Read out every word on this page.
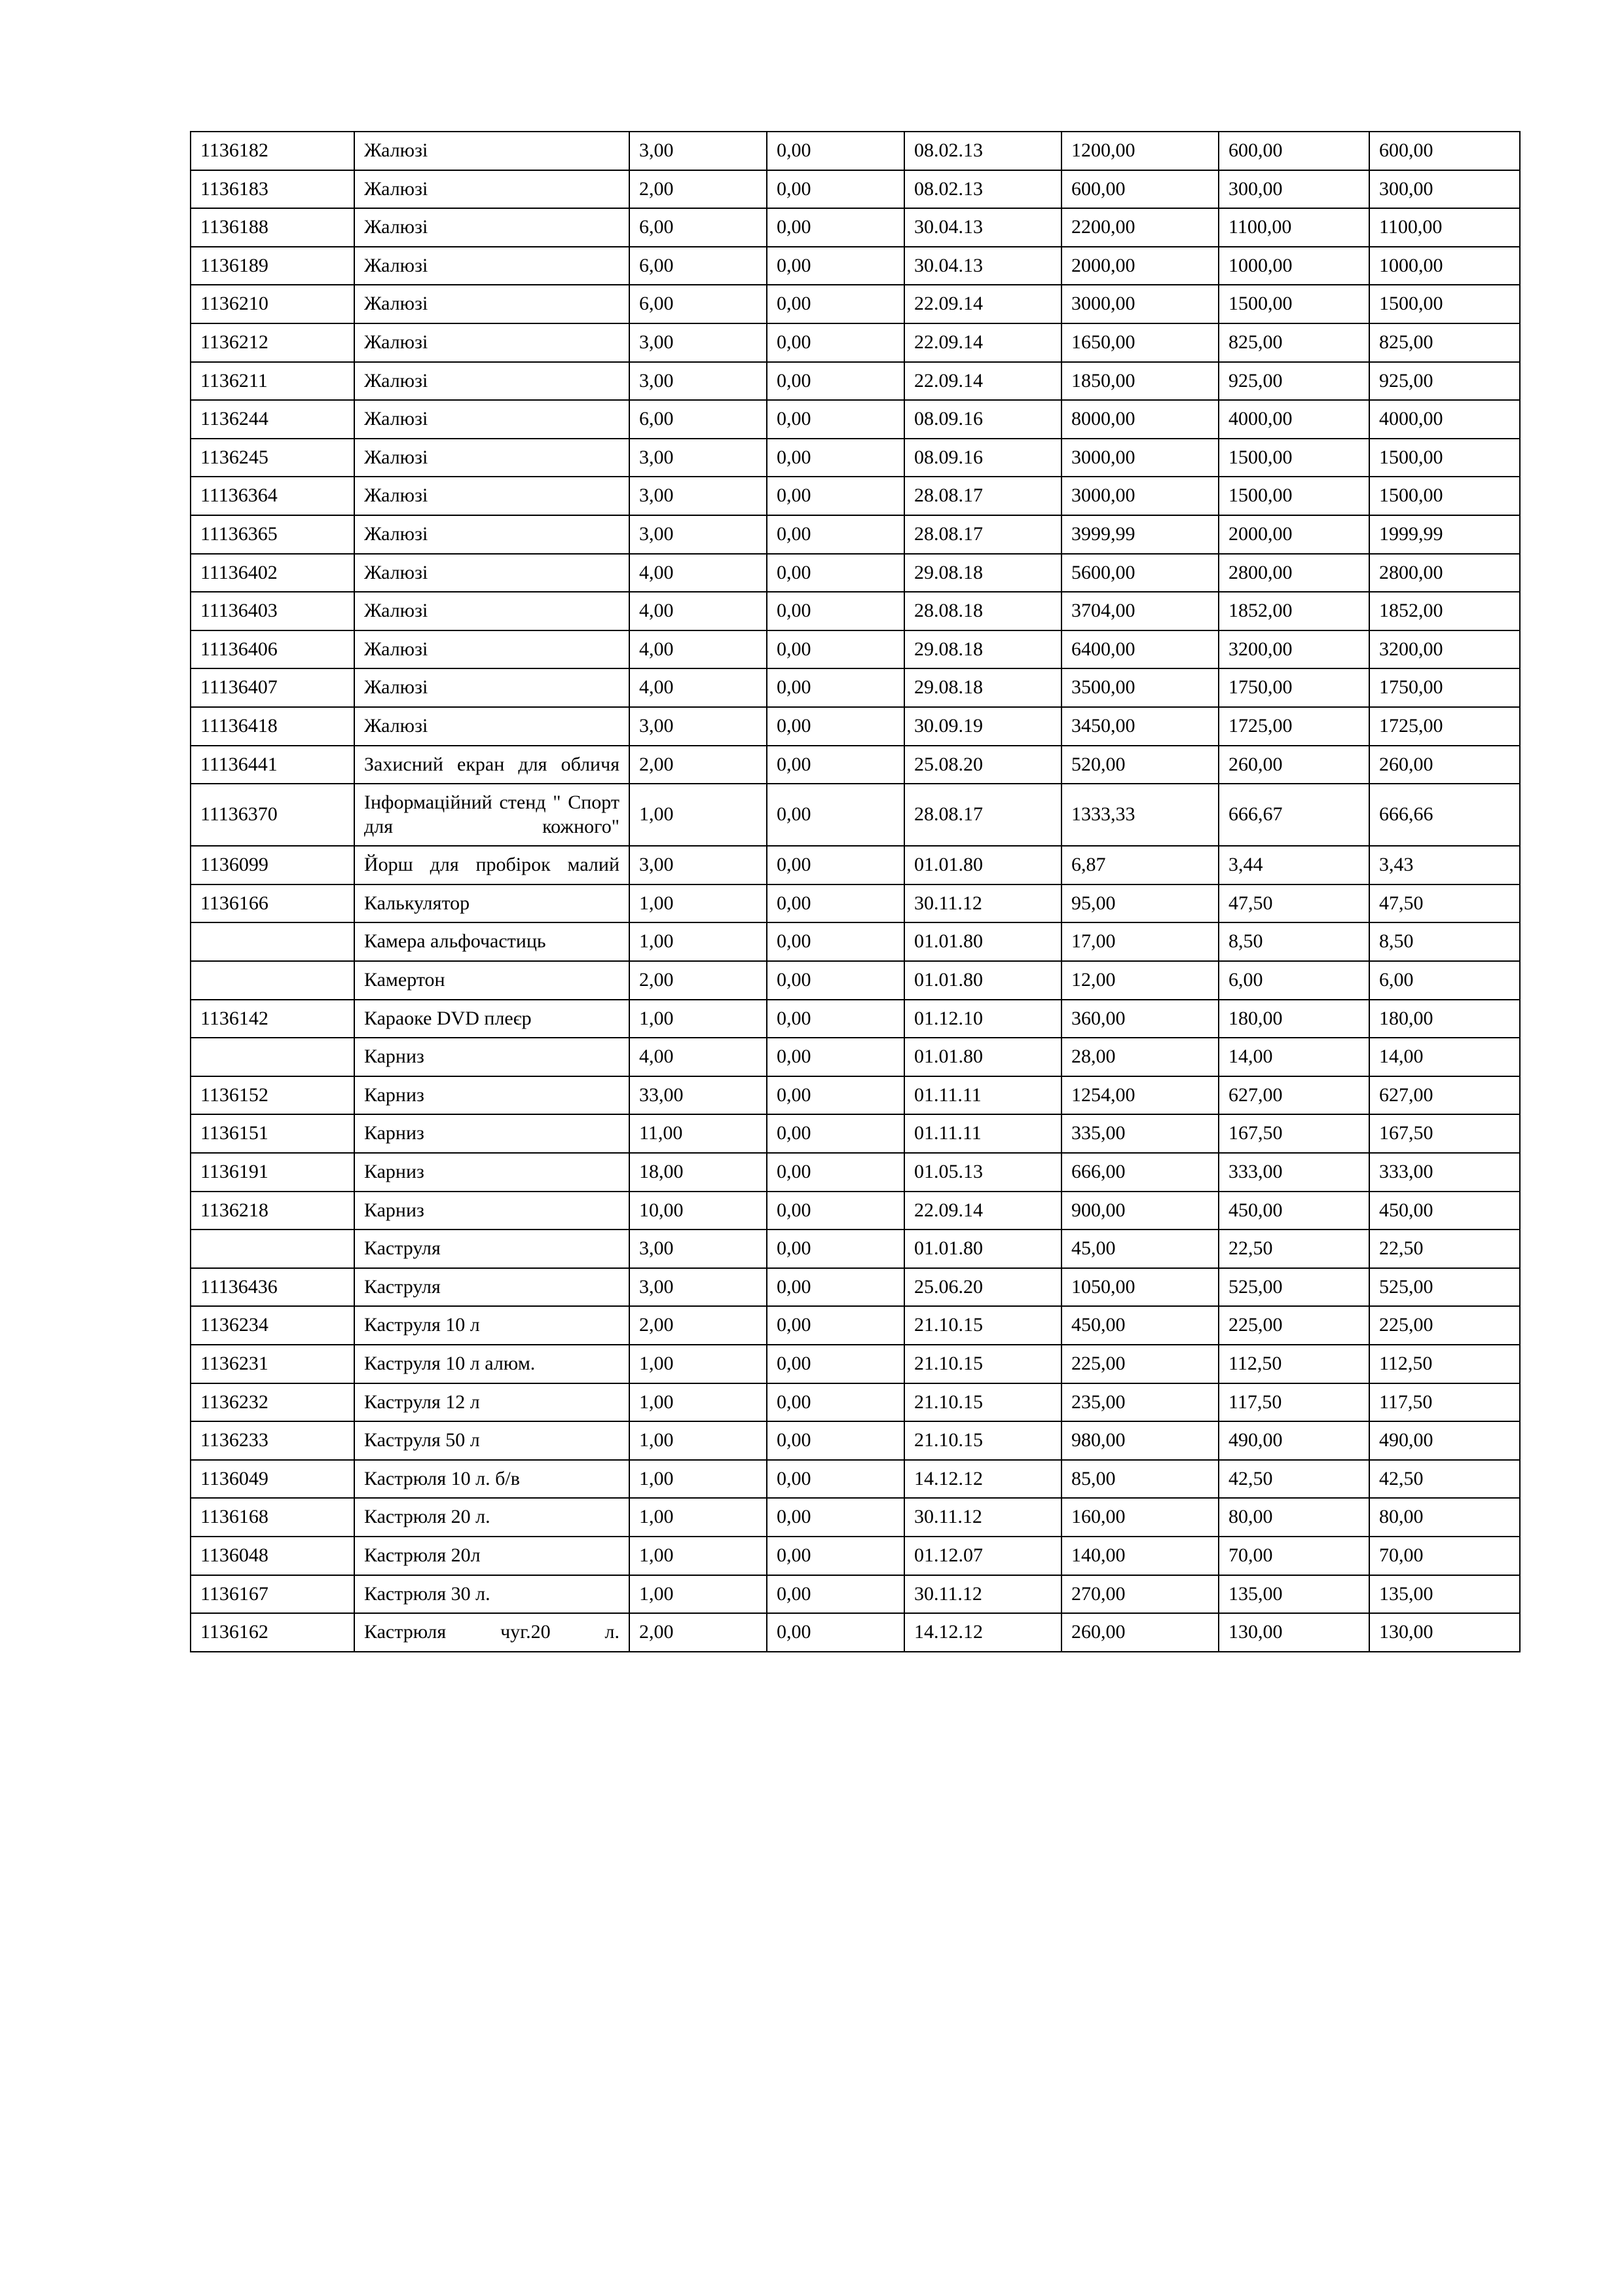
1136182	Жалюзі	3,00	0,00	08.02.13	1200,00	600,00	600,00
1136183	Жалюзі	2,00	0,00	08.02.13	600,00	300,00	300,00
1136188	Жалюзі	6,00	0,00	30.04.13	2200,00	1100,00	1100,00
1136189	Жалюзі	6,00	0,00	30.04.13	2000,00	1000,00	1000,00
1136210	Жалюзі	6,00	0,00	22.09.14	3000,00	1500,00	1500,00
1136212	Жалюзі	3,00	0,00	22.09.14	1650,00	825,00	825,00
1136211	Жалюзі	3,00	0,00	22.09.14	1850,00	925,00	925,00
1136244	Жалюзі	6,00	0,00	08.09.16	8000,00	4000,00	4000,00
1136245	Жалюзі	3,00	0,00	08.09.16	3000,00	1500,00	1500,00
11136364	Жалюзі	3,00	0,00	28.08.17	3000,00	1500,00	1500,00
11136365	Жалюзі	3,00	0,00	28.08.17	3999,99	2000,00	1999,99
11136402	Жалюзі	4,00	0,00	29.08.18	5600,00	2800,00	2800,00
11136403	Жалюзі	4,00	0,00	28.08.18	3704,00	1852,00	1852,00
11136406	Жалюзі	4,00	0,00	29.08.18	6400,00	3200,00	3200,00
11136407	Жалюзі	4,00	0,00	29.08.18	3500,00	1750,00	1750,00
11136418	Жалюзі	3,00	0,00	30.09.19	3450,00	1725,00	1725,00
11136441	Захисний екран для обличя	2,00	0,00	25.08.20	520,00	260,00	260,00
11136370	Інформаційний стенд " Спорт для кожного"	1,00	0,00	28.08.17	1333,33	666,67	666,66
1136099	Йорш для пробірок малий	3,00	0,00	01.01.80	6,87	3,44	3,43
1136166	Калькулятор	1,00	0,00	30.11.12	95,00	47,50	47,50
	Камера альфочастиць	1,00	0,00	01.01.80	17,00	8,50	8,50
	Камертон	2,00	0,00	01.01.80	12,00	6,00	6,00
1136142	Караоке DVD плеєр	1,00	0,00	01.12.10	360,00	180,00	180,00
	Карниз	4,00	0,00	01.01.80	28,00	14,00	14,00
1136152	Карниз	33,00	0,00	01.11.11	1254,00	627,00	627,00
1136151	Карниз	11,00	0,00	01.11.11	335,00	167,50	167,50
1136191	Карниз	18,00	0,00	01.05.13	666,00	333,00	333,00
1136218	Карниз	10,00	0,00	22.09.14	900,00	450,00	450,00
	Каструля	3,00	0,00	01.01.80	45,00	22,50	22,50
11136436	Каструля	3,00	0,00	25.06.20	1050,00	525,00	525,00
1136234	Каструля 10 л	2,00	0,00	21.10.15	450,00	225,00	225,00
1136231	Каструля 10 л алюм.	1,00	0,00	21.10.15	225,00	112,50	112,50
1136232	Каструля 12 л	1,00	0,00	21.10.15	235,00	117,50	117,50
1136233	Каструля 50 л	1,00	0,00	21.10.15	980,00	490,00	490,00
1136049	Кастрюля 10 л. б/в	1,00	0,00	14.12.12	85,00	42,50	42,50
1136168	Кастрюля 20 л.	1,00	0,00	30.11.12	160,00	80,00	80,00
1136048	Кастрюля 20л	1,00	0,00	01.12.07	140,00	70,00	70,00
1136167	Кастрюля 30 л.	1,00	0,00	30.11.12	270,00	135,00	135,00
1136162	Кастрюля чуг.20 л.	2,00	0,00	14.12.12	260,00	130,00	130,00
